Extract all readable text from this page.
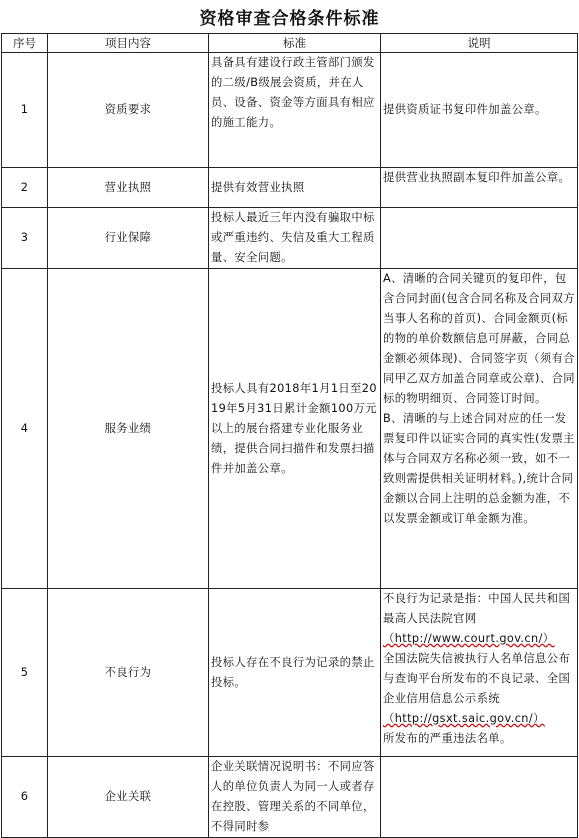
资格审查合格条件标准
序号	项目内容	标准	说明
1	资质要求	具备具有建设行政主管部门颁发的二级/B级展会资质，并在人员、设备、资金等方面具有相应的施工能力。	提供资质证书复印件加盖公章。
2	营业执照	提供有效营业执照	提供营业执照副本复印件加盖公章。
3	行业保障	投标人最近三年内没有骗取中标或严重违约、失信及重大工程质量、安全问题。	
4	服务业绩	投标人具有2018年1月1日至2019年5月31日累计金额100万元以上的展台搭建专业化服务业绩，提供合同扫描件和发票扫描件并加盖公章。	A、清晰的合同关键页的复印件，包含合同封面(包含合同名称及合同双方当事人名称的首页)、合同金额页(标的物的单价数额信息可屏蔽，合同总金额必须体现)、合同签字页（须有合同甲乙双方加盖合同章或公章)、合同标的物明细页、合同签订时间。
B、清晰的与上述合同对应的任一发票复印件以证实合同的真实性(发票主体与合同双方名称必须一致，如不一致则需提供相关证明材料。),统计合同金额以合同上注明的总金额为准，不以发票金额或订单金额为准。

5	不良行为	投标人存在不良行为记录的禁止投标。	不良行为记录是指：中国人民共和国最高人民法院官网
（http://www.court.gov.cn/）
全国法院失信被执行人名单信息公布与查询平台所发布的不良记录、全国企业信用信息公示系统
（http://gsxt.saic.gov.cn/）
所发布的严重违法名单。

6	企业关联	企业关联情况说明书：不同应答人的单位负责人为同一人或者存在控股、管理关系的不同单位，不得同时参	
